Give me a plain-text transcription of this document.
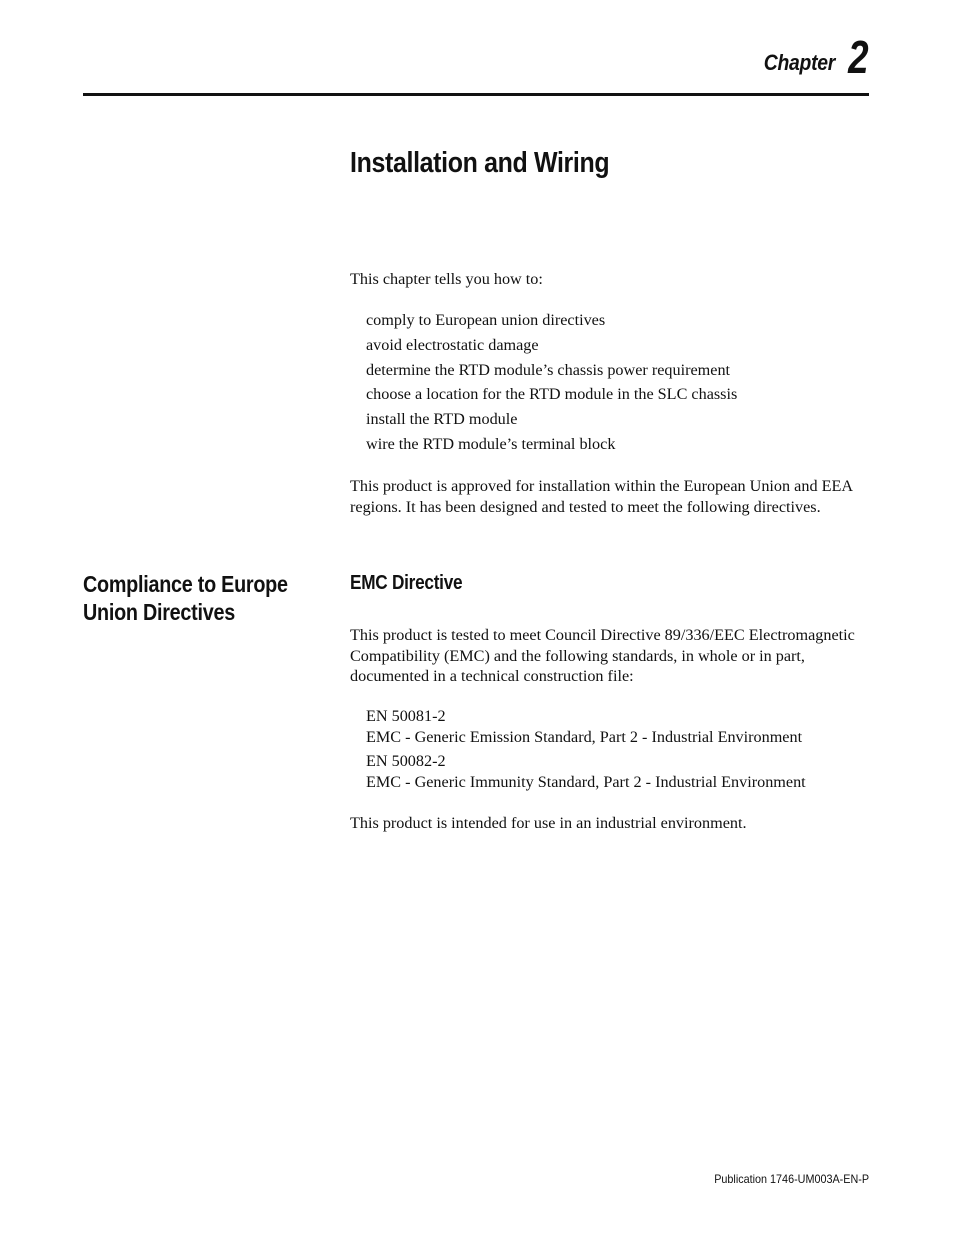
Chapter 2
Installation and Wiring

This chapter tells you how to:

comply to European union directives
avoid electrostatic damage
determine the RTD module’s chassis power requirement
choose a location for the RTD module in the SLC chassis
install the RTD module
wire the RTD module’s terminal block

This product is approved for installation within the European Union and EEA regions. It has been designed and tested to meet the following directives.

Compliance to Europe Union Directives
EMC Directive

This product is tested to meet Council Directive 89/336/EEC Electromagnetic Compatibility (EMC) and the following standards, in whole or in part, documented in a technical construction file:

EN 50081-2
EMC - Generic Emission Standard, Part 2 - Industrial Environment
EN 50082-2
EMC - Generic Immunity Standard, Part 2 - Industrial Environment

This product is intended for use in an industrial environment.

Publication 1746-UM003A-EN-P
